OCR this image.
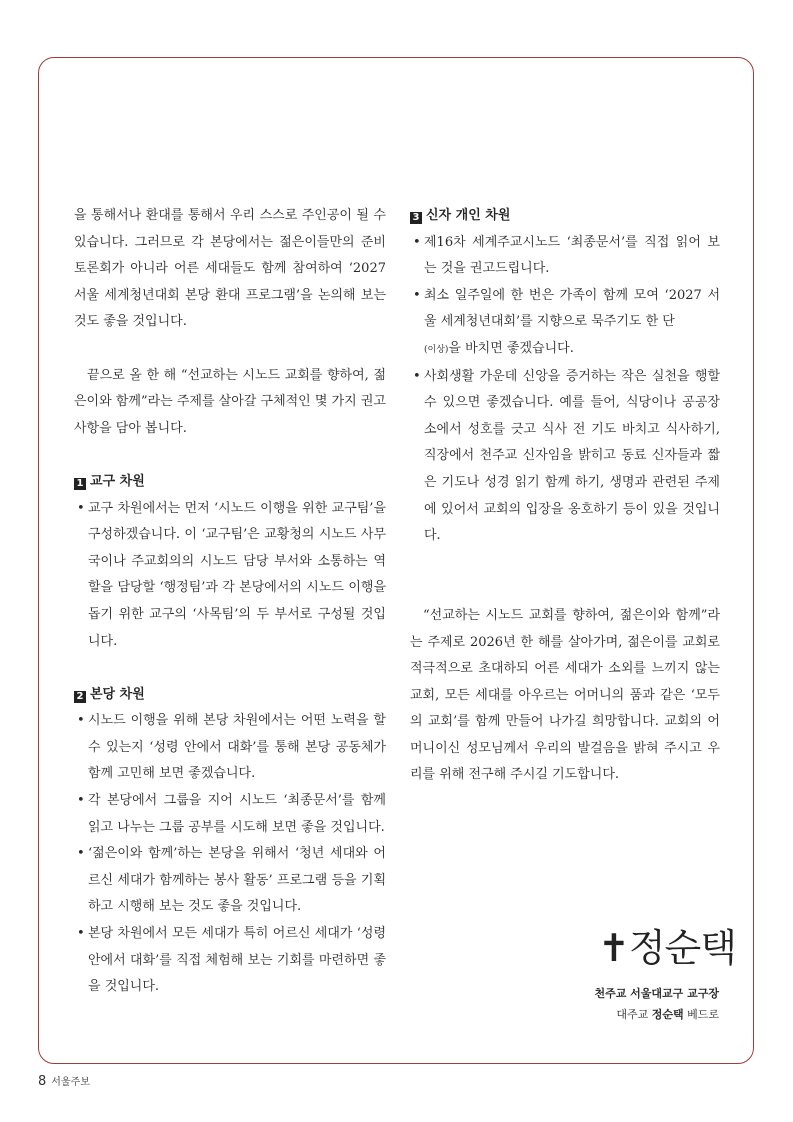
을 통해서나 환대를 통해서 우리 스스로 주인공이 될 수 있습니다. 그러므로 각 본당에서는 젊은이들만의 준비 토론회가 아니라 어른 세대들도 함께 참여하여 ‘2027 서울 세계청년대회 본당 환대 프로그램’을 논의해 보는 것도 좋을 것입니다.

끝으로 올 한 해 “선교하는 시노드 교회를 향하여, 젊은이와 함께”라는 주제를 살아갈 구체적인 몇 가지 권고 사항을 담아 봅니다.

1 교구 차원
• 교구 차원에서는 먼저 ‘시노드 이행을 위한 교구팀’을 구성하겠습니다. 이 ‘교구팀’은 교황청의 시노드 사무국이나 주교회의의 시노드 담당 부서와 소통하는 역할을 담당할 ‘행정팀’과 각 본당에서의 시노드 이행을 돕기 위한 교구의 ‘사목팀’의 두 부서로 구성될 것입니다.
2 본당 차원
• 시노드 이행을 위해 본당 차원에서는 어떤 노력을 할 수 있는지 ‘성령 안에서 대화’를 통해 본당 공동체가 함께 고민해 보면 좋겠습니다.
• 각 본당에서 그룹을 지어 시노드 ‘최종문서’를 함께 읽고 나누는 그룹 공부를 시도해 보면 좋을 것입니다.
• ‘젊은이와 함께’하는 본당을 위해서 ‘청년 세대와 어르신 세대가 함께하는 봉사 활동’ 프로그램 등을 기획하고 시행해 보는 것도 좋을 것입니다.
• 본당 차원에서 모든 세대가 특히 어르신 세대가 ‘성령 안에서 대화’를 직접 체험해 보는 기회를 마련하면 좋을 것입니다.
3 신자 개인 차원
• 제16차 세계주교시노드 ‘최종문서’를 직접 읽어 보는 것을 권고드립니다.
• 최소 일주일에 한 번은 가족이 함께 모여 ‘2027 서울 세계청년대회’를 지향으로 묵주기도 한 단
(이상)을 바치면 좋겠습니다.
• 사회생활 가운데 신앙을 증거하는 작은 실천을 행할 수 있으면 좋겠습니다. 예를 들어, 식당이나 공공장소에서 성호를 긋고 식사 전 기도 바치고 식사하기, 직장에서 천주교 신자임을 밝히고 동료 신자들과 짧은 기도나 성경 읽기 함께 하기, 생명과 관련된 주제에 있어서 교회의 입장을 옹호하기 등이 있을 것입니다.

“선교하는 시노드 교회를 향하여, 젊은이와 함께”라는 주제로 2026년 한 해를 살아가며, 젊은이를 교회로 적극적으로 초대하되 어른 세대가 소외를 느끼지 않는 교회, 모든 세대를 아우르는 어머니의 품과 같은 ‘모두의 교회’를 함께 만들어 나가길 희망합니다. 교회의 어머니이신 성모님께서 우리의 발걸음을 밝혀 주시고 우리를 위해 전구해 주시길 기도합니다.

✝정순택
천주교 서울대교구 교구장
대주교 정순택 베드로
8 서울주보
